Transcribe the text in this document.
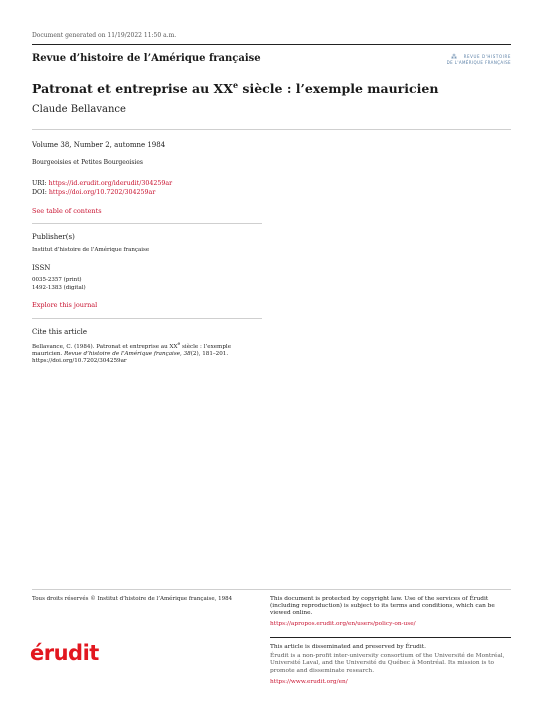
Document generated on 11/19/2022 11:50 a.m.
Revue d’histoire de l’Amérique française	⁂	REVUE D'HISTOIRE
DE L'AMÉRIQUE FRANÇAISE
Patronat et entreprise au XXe siècle : l’exemple mauricien
Claude Bellavance
Volume 38, Number 2, automne 1984
Bourgeoisies et Petites Bourgeoisies
URI: https://id.erudit.org/iderudit/304259ar
DOI: https://doi.org/10.7202/304259ar
See table of contents
Publisher(s)
Institut d’histoire de l’Amérique française
ISSN
0035-2357 (print)
1492-1383 (digital)
Explore this journal
Cite this article
Bellavance, C. (1984). Patronat et entreprise au XXe siècle : l’exemple mauricien. Revue d’histoire de l’Amérique française, 38(2), 181–201. https://doi.org/10.7202/304259ar
Tous droits réservés © Institut d’histoire de l’Amérique française, 1984	This document is protected by copyright law. Use of the services of Érudit (including reproduction) is subject to its terms and conditions, which can be viewed online.
https://apropos.erudit.org/en/users/policy-on-use/
érudit	This article is disseminated and preserved by Érudit.
Érudit is a non-profit inter-university consortium of the Université de Montréal, Université Laval, and the Université du Québec à Montréal. Its mission is to promote and disseminate research.
https://www.erudit.org/en/
